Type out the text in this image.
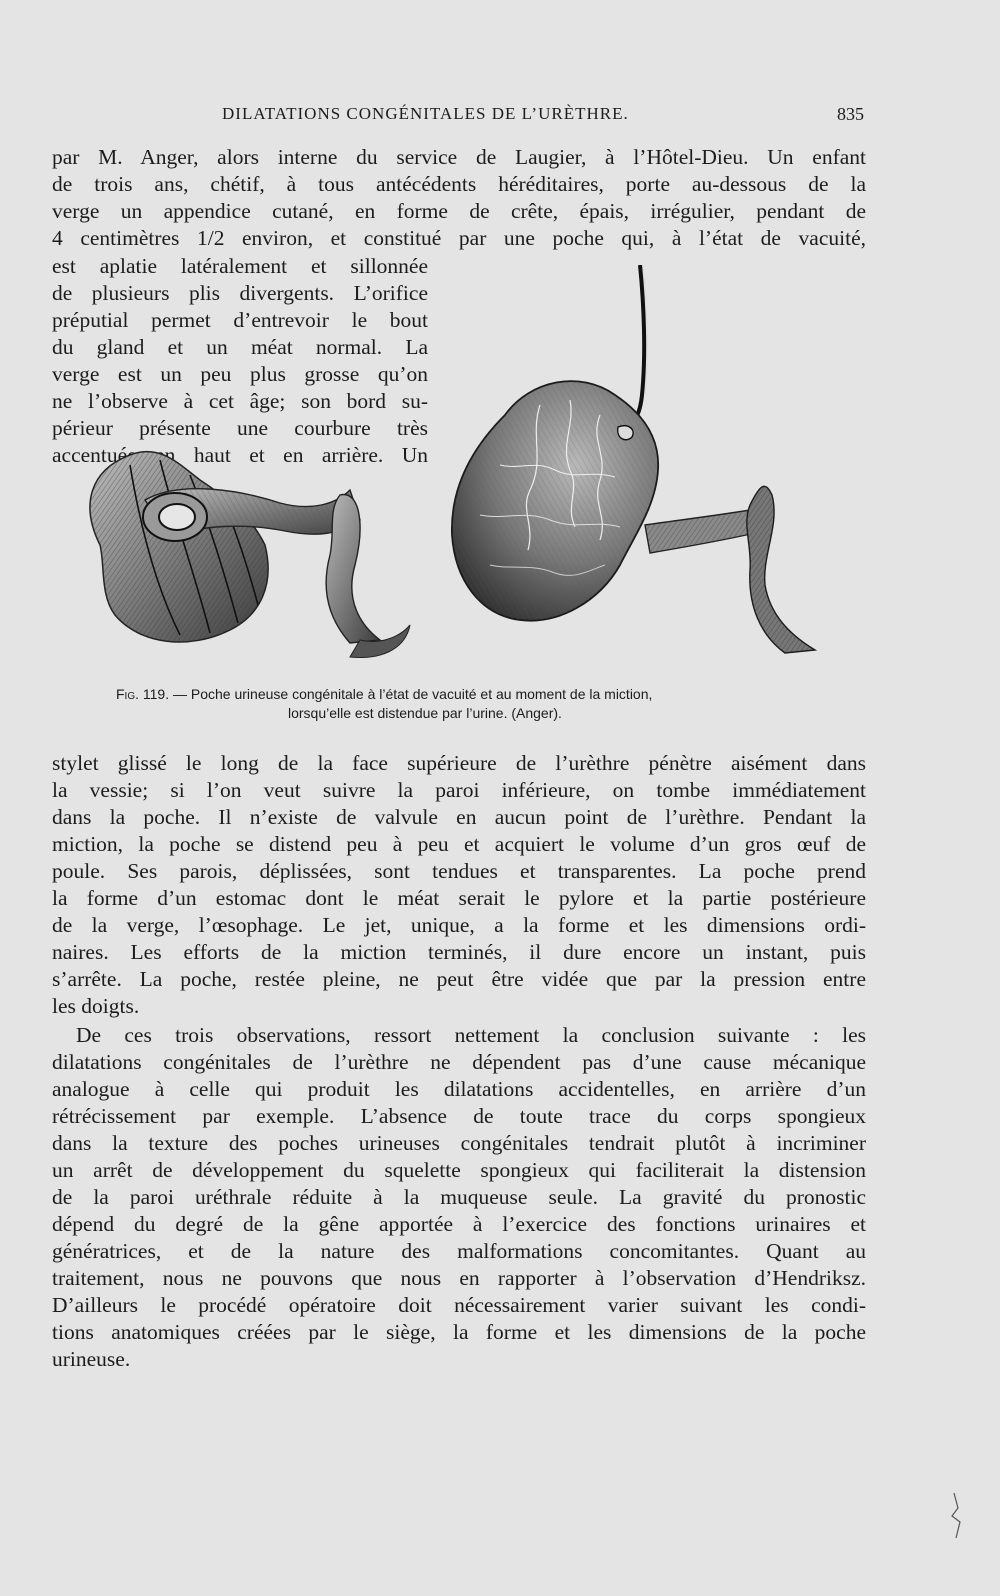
DILATATIONS CONGÉNITALES DE L’URÈTHRE.	835
par M. Anger, alors interne du service de Laugier, à l’Hôtel-Dieu. Un enfant
de trois ans, chétif, à tous antécédents héréditaires, porte au-dessous de la
verge un appendice cutané, en forme de crête, épais, irrégulier, pendant de
4 centimètres 1/2 environ, et constitué par une poche qui, à l’état de vacuité,
est aplatie latéralement et sillonnée
de plusieurs plis divergents. L’orifice
préputial permet d’entrevoir le bout
du gland et un méat normal. La
verge est un peu plus grosse qu’on
ne l’observe à cet âge; son bord su-
périeur présente une courbure très
accentuée en haut et en arrière. Un
Fig. 119. — Poche urineuse congénitale à l’état de vacuité et au moment de la miction,
lorsqu’elle est distendue par l’urine. (Anger).
stylet glissé le long de la face supérieure de l’urèthre pénètre aisément dans
la vessie; si l’on veut suivre la paroi inférieure, on tombe immédiatement
dans la poche. Il n’existe de valvule en aucun point de l’urèthre. Pendant la
miction, la poche se distend peu à peu et acquiert le volume d’un gros œuf de
poule. Ses parois, déplissées, sont tendues et transparentes. La poche prend
la forme d’un estomac dont le méat serait le pylore et la partie postérieure
de la verge, l’œsophage. Le jet, unique, a la forme et les dimensions ordi-
naires. Les efforts de la miction terminés, il dure encore un instant, puis
s’arrête. La poche, restée pleine, ne peut être vidée que par la pression entre
les doigts.
De ces trois observations, ressort nettement la conclusion suivante : les
dilatations congénitales de l’urèthre ne dépendent pas d’une cause mécanique
analogue à celle qui produit les dilatations accidentelles, en arrière d’un
rétrécissement par exemple. L’absence de toute trace du corps spongieux
dans la texture des poches urineuses congénitales tendrait plutôt à incriminer
un arrêt de développement du squelette spongieux qui faciliterait la distension
de la paroi uréthrale réduite à la muqueuse seule. La gravité du pronostic
dépend du degré de la gêne apportée à l’exercice des fonctions urinaires et
génératrices, et de la nature des malformations concomitantes. Quant au
traitement, nous ne pouvons que nous en rapporter à l’observation d’Hendriksz.
D’ailleurs le procédé opératoire doit nécessairement varier suivant les condi-
tions anatomiques créées par le siège, la forme et les dimensions de la poche
urineuse.
